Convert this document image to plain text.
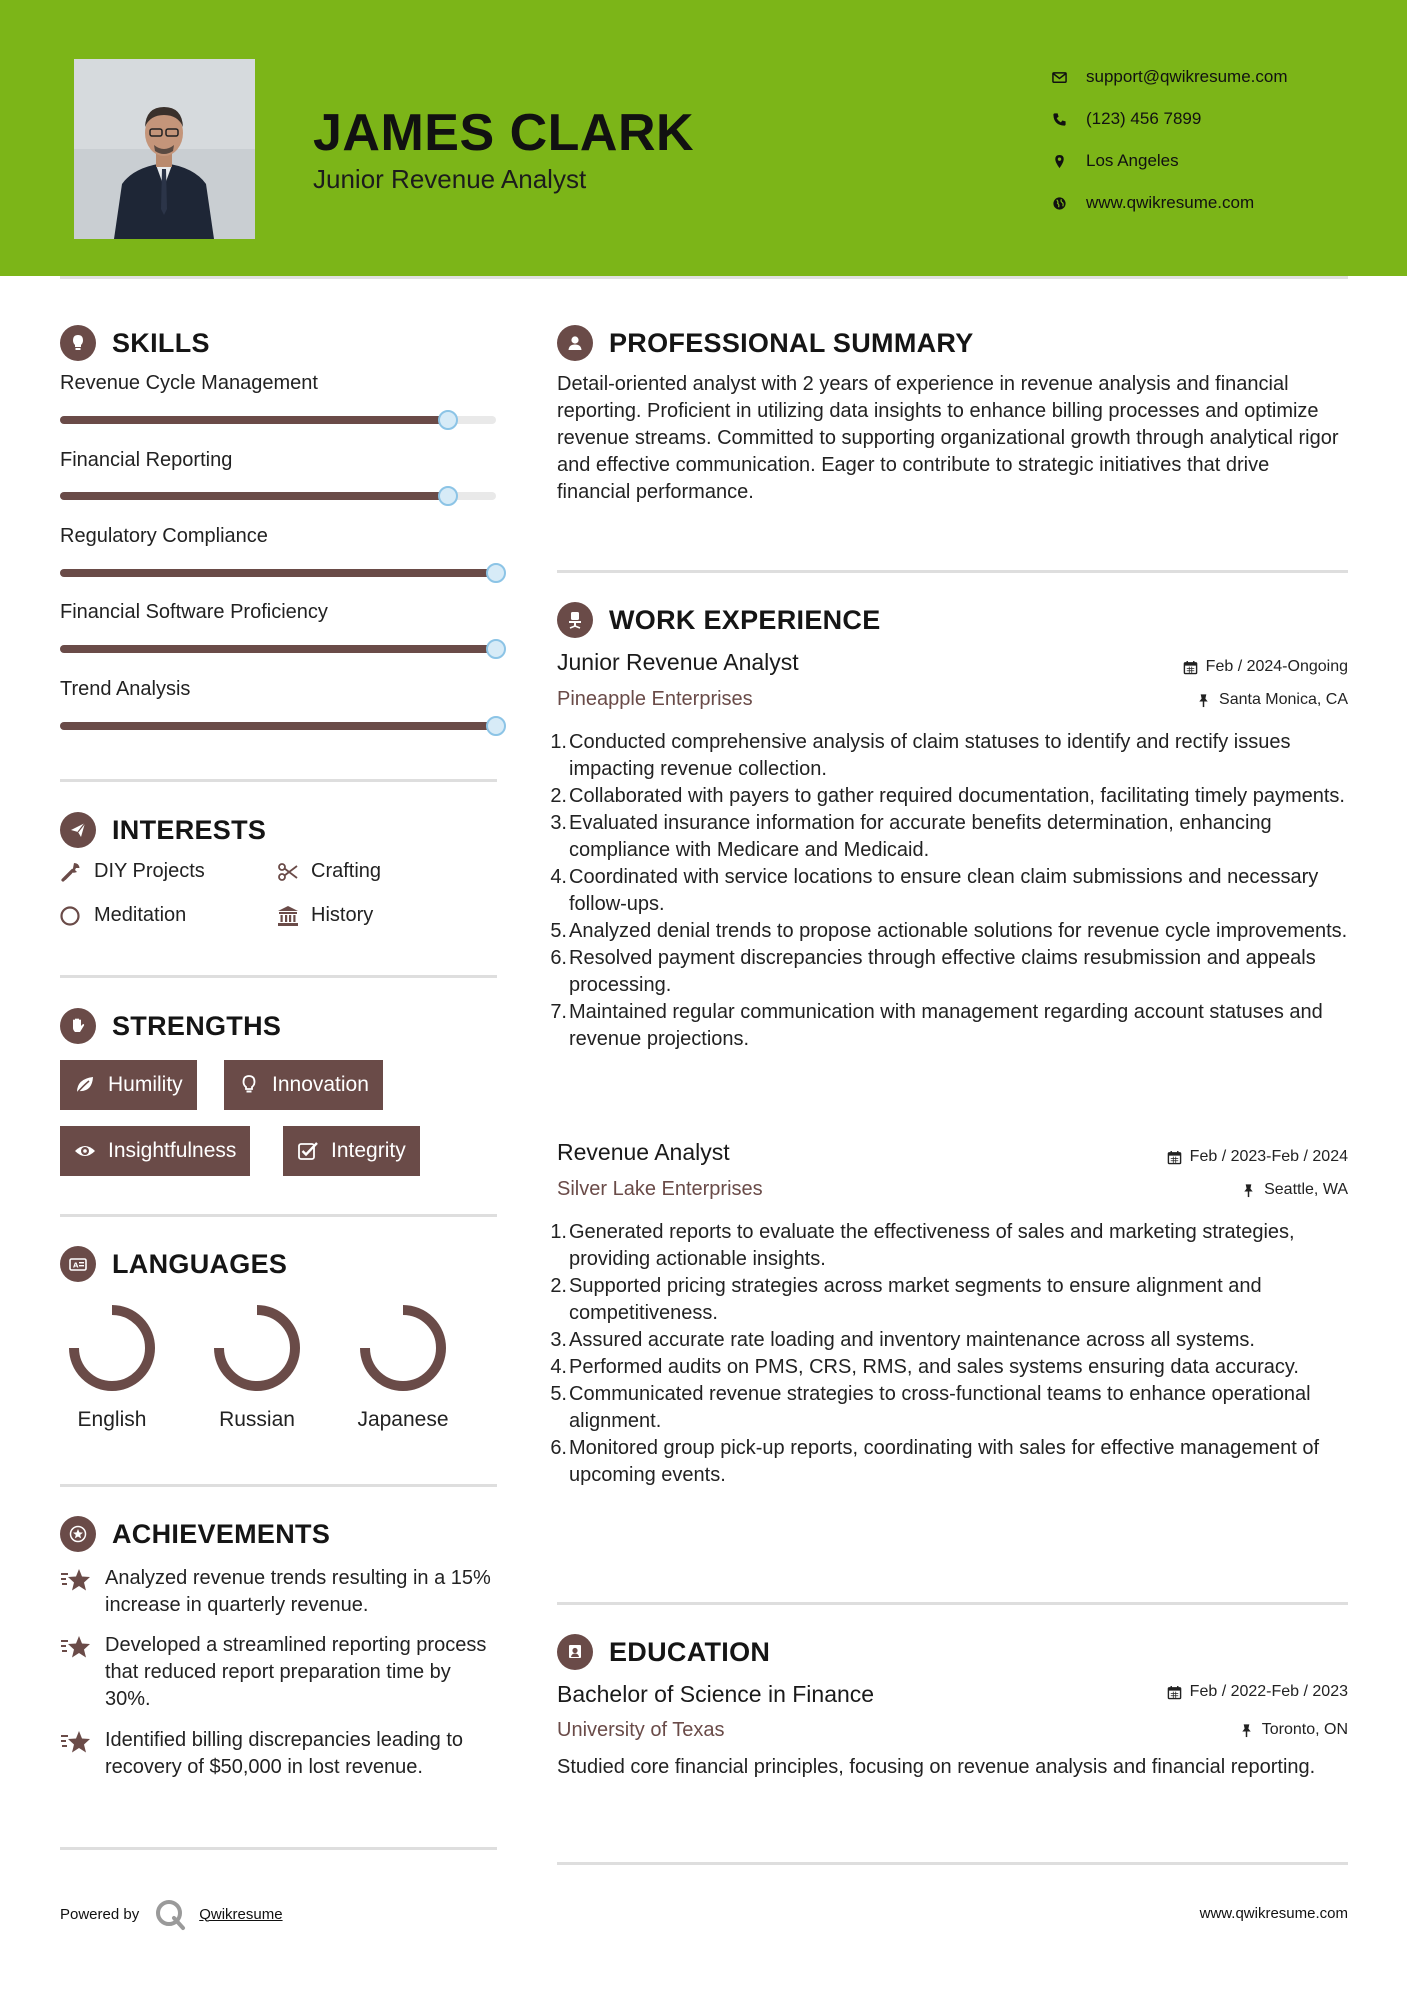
JAMES CLARK
Junior Revenue Analyst
support@qwikresume.com
(123) 456 7899
Los Angeles
www.qwikresume.com
SKILLS
Revenue Cycle Management
Financial Reporting
Regulatory Compliance
Financial Software Proficiency
Trend Analysis
INTERESTS
DIY Projects	Crafting
Meditation	History
STRENGTHS
Humility	Innovation
Insightfulness	Integrity
A LANGUAGES
English	Russian	Japanese
ACHIEVEMENTS
Analyzed revenue trends resulting in a 15% increase in quarterly revenue.
Developed a streamlined reporting process that reduced report preparation time by 30%.
Identified billing discrepancies leading to recovery of $50,000 in lost revenue.
PROFESSIONAL SUMMARY
Detail-oriented analyst with 2 years of experience in revenue analysis and financial reporting. Proficient in utilizing data insights to enhance billing processes and optimize revenue streams. Committed to supporting organizational growth through analytical rigor and effective communication. Eager to contribute to strategic initiatives that drive financial performance.
WORK EXPERIENCE
Junior Revenue Analyst	Feb / 2024-Ongoing
Pineapple Enterprises	Santa Monica, CA
1. Conducted comprehensive analysis of claim statuses to identify and rectify issues impacting revenue collection.
2. Collaborated with payers to gather required documentation, facilitating timely payments.
3. Evaluated insurance information for accurate benefits determination, enhancing compliance with Medicare and Medicaid.
4. Coordinated with service locations to ensure clean claim submissions and necessary follow-ups.
5. Analyzed denial trends to propose actionable solutions for revenue cycle improvements.
6. Resolved payment discrepancies through effective claims resubmission and appeals processing.
7. Maintained regular communication with management regarding account statuses and revenue projections.
Revenue Analyst	Feb / 2023-Feb / 2024
Silver Lake Enterprises	Seattle, WA
1. Generated reports to evaluate the effectiveness of sales and marketing strategies, providing actionable insights.
2. Supported pricing strategies across market segments to ensure alignment and competitiveness.
3. Assured accurate rate loading and inventory maintenance across all systems.
4. Performed audits on PMS, CRS, RMS, and sales systems ensuring data accuracy.
5. Communicated revenue strategies to cross-functional teams to enhance operational alignment.
6. Monitored group pick-up reports, coordinating with sales for effective management of upcoming events.
EDUCATION
Bachelor of Science in Finance	Feb / 2022-Feb / 2023
University of Texas	Toronto, ON
Studied core financial principles, focusing on revenue analysis and financial reporting.
Powered by	Qwikresume	www.qwikresume.com
